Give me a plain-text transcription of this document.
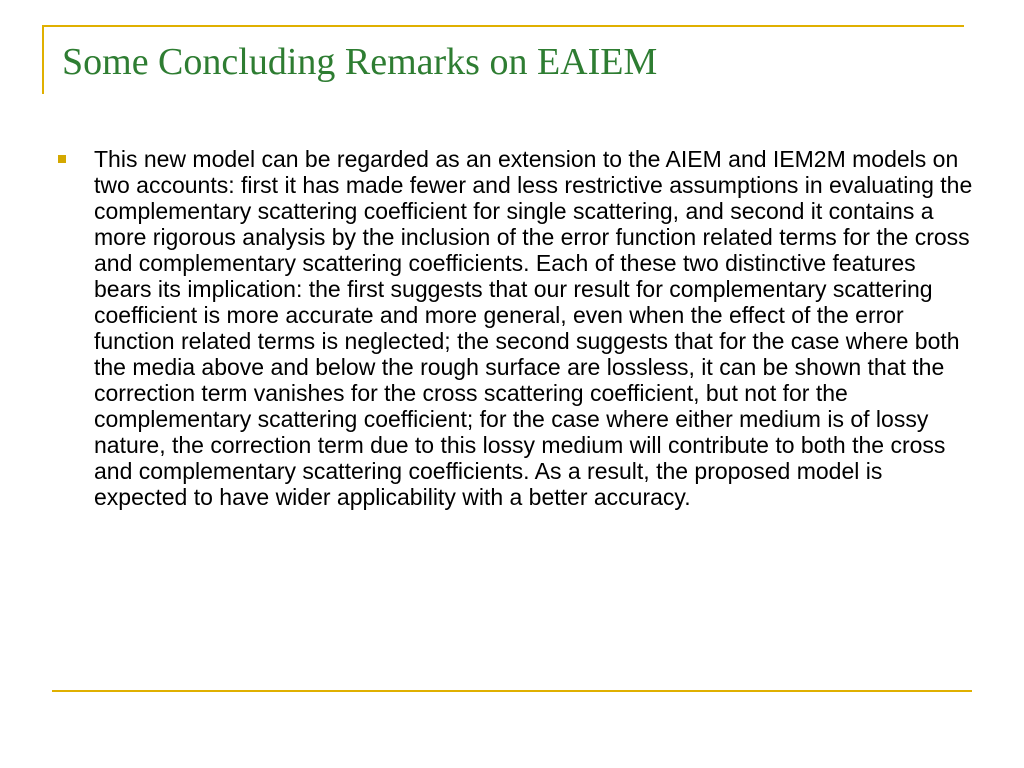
Some Concluding Remarks on EAIEM

This new model can be regarded as an extension to the AIEM and IEM2M models on two accounts: first it has made fewer and less restrictive assumptions in evaluating the complementary scattering coefficient for single scattering, and second it contains a more rigorous analysis by the inclusion of the error function related terms for the cross and complementary scattering coefficients. Each of these two distinctive features bears its implication: the first suggests that our result for complementary scattering coefficient is more accurate and more general, even when the effect of the error function related terms is neglected; the second suggests that for the case where both the media above and below the rough surface are lossless, it can be shown that the correction term vanishes for the cross scattering coefficient, but not for the complementary scattering coefficient; for the case where either medium is of lossy nature, the correction term due to this lossy medium will contribute to both the cross and complementary scattering coefficients. As a result, the proposed model is expected to have wider applicability with a better accuracy.
